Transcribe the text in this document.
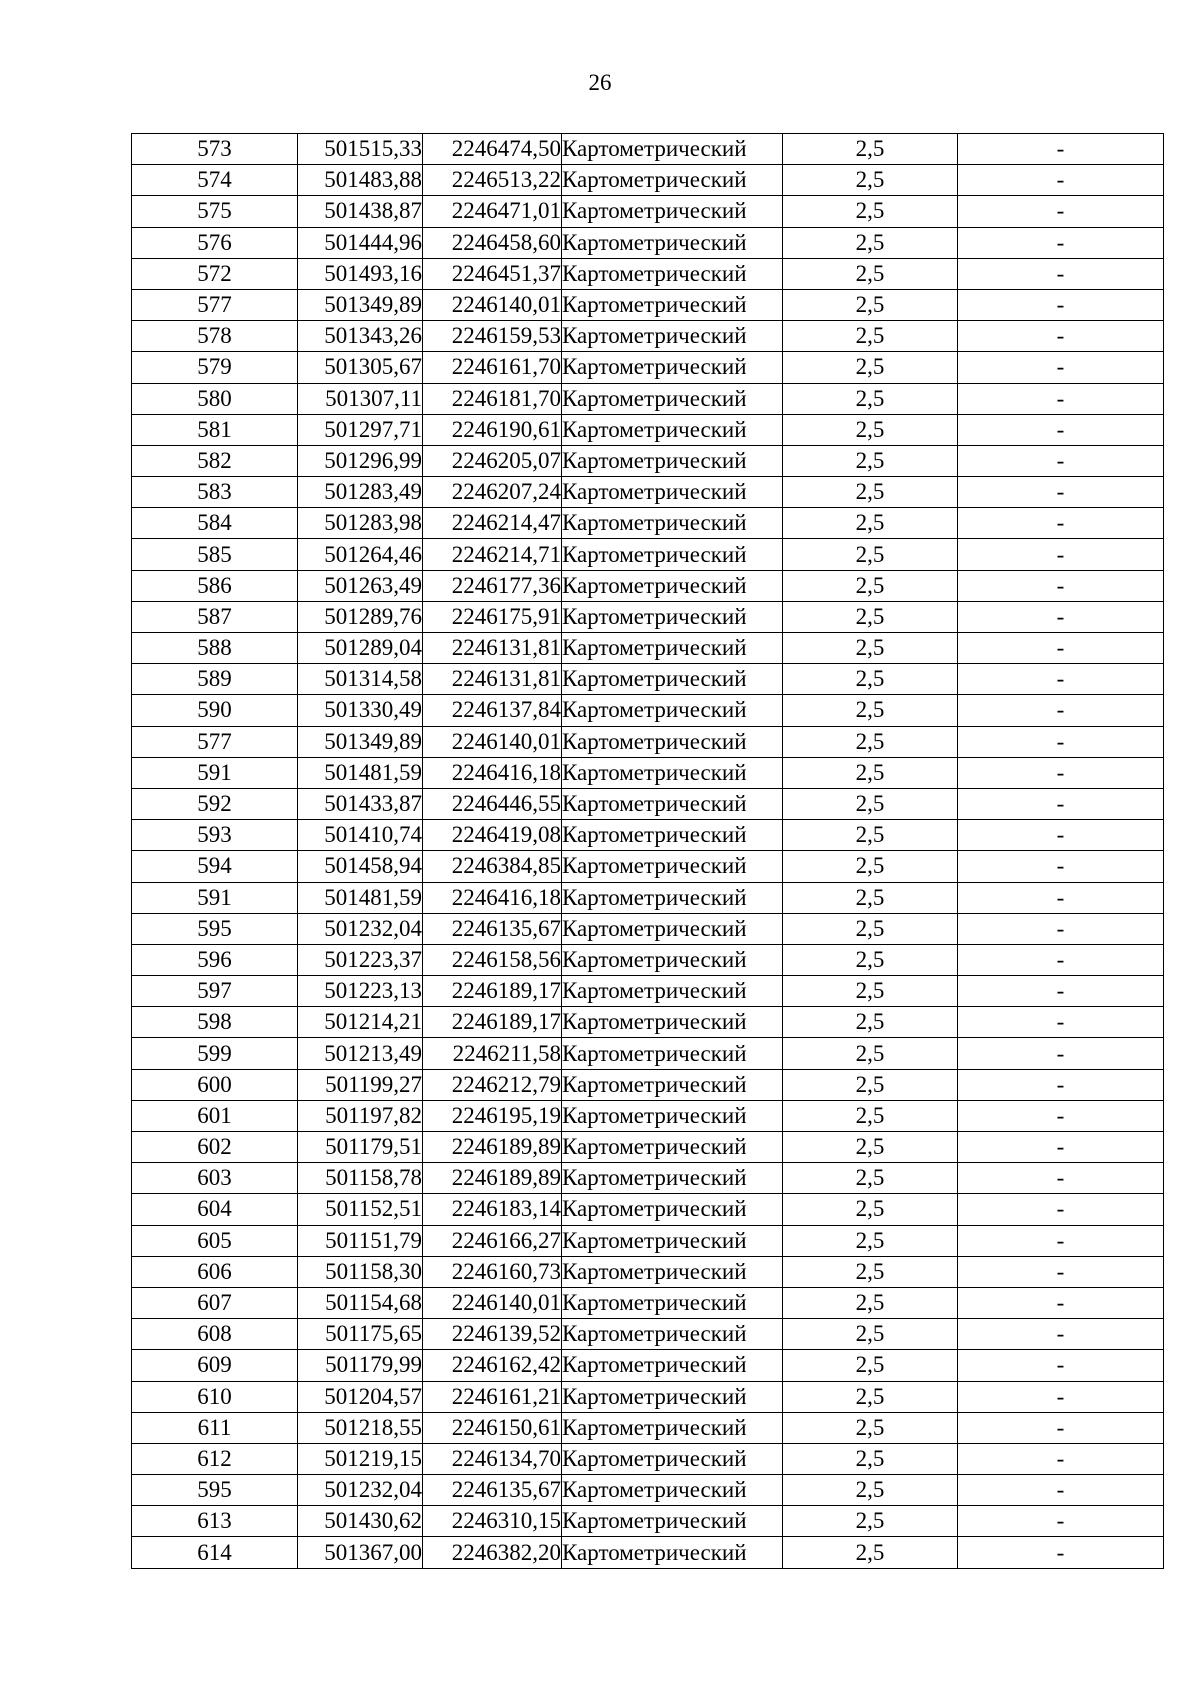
26
573	501515,33	2246474,50	Картометрический	2,5	-
574	501483,88	2246513,22	Картометрический	2,5	-
575	501438,87	2246471,01	Картометрический	2,5	-
576	501444,96	2246458,60	Картометрический	2,5	-
572	501493,16	2246451,37	Картометрический	2,5	-
577	501349,89	2246140,01	Картометрический	2,5	-
578	501343,26	2246159,53	Картометрический	2,5	-
579	501305,67	2246161,70	Картометрический	2,5	-
580	501307,11	2246181,70	Картометрический	2,5	-
581	501297,71	2246190,61	Картометрический	2,5	-
582	501296,99	2246205,07	Картометрический	2,5	-
583	501283,49	2246207,24	Картометрический	2,5	-
584	501283,98	2246214,47	Картометрический	2,5	-
585	501264,46	2246214,71	Картометрический	2,5	-
586	501263,49	2246177,36	Картометрический	2,5	-
587	501289,76	2246175,91	Картометрический	2,5	-
588	501289,04	2246131,81	Картометрический	2,5	-
589	501314,58	2246131,81	Картометрический	2,5	-
590	501330,49	2246137,84	Картометрический	2,5	-
577	501349,89	2246140,01	Картометрический	2,5	-
591	501481,59	2246416,18	Картометрический	2,5	-
592	501433,87	2246446,55	Картометрический	2,5	-
593	501410,74	2246419,08	Картометрический	2,5	-
594	501458,94	2246384,85	Картометрический	2,5	-
591	501481,59	2246416,18	Картометрический	2,5	-
595	501232,04	2246135,67	Картометрический	2,5	-
596	501223,37	2246158,56	Картометрический	2,5	-
597	501223,13	2246189,17	Картометрический	2,5	-
598	501214,21	2246189,17	Картометрический	2,5	-
599	501213,49	2246211,58	Картометрический	2,5	-
600	501199,27	2246212,79	Картометрический	2,5	-
601	501197,82	2246195,19	Картометрический	2,5	-
602	501179,51	2246189,89	Картометрический	2,5	-
603	501158,78	2246189,89	Картометрический	2,5	-
604	501152,51	2246183,14	Картометрический	2,5	-
605	501151,79	2246166,27	Картометрический	2,5	-
606	501158,30	2246160,73	Картометрический	2,5	-
607	501154,68	2246140,01	Картометрический	2,5	-
608	501175,65	2246139,52	Картометрический	2,5	-
609	501179,99	2246162,42	Картометрический	2,5	-
610	501204,57	2246161,21	Картометрический	2,5	-
611	501218,55	2246150,61	Картометрический	2,5	-
612	501219,15	2246134,70	Картометрический	2,5	-
595	501232,04	2246135,67	Картометрический	2,5	-
613	501430,62	2246310,15	Картометрический	2,5	-
614	501367,00	2246382,20	Картометрический	2,5	-
